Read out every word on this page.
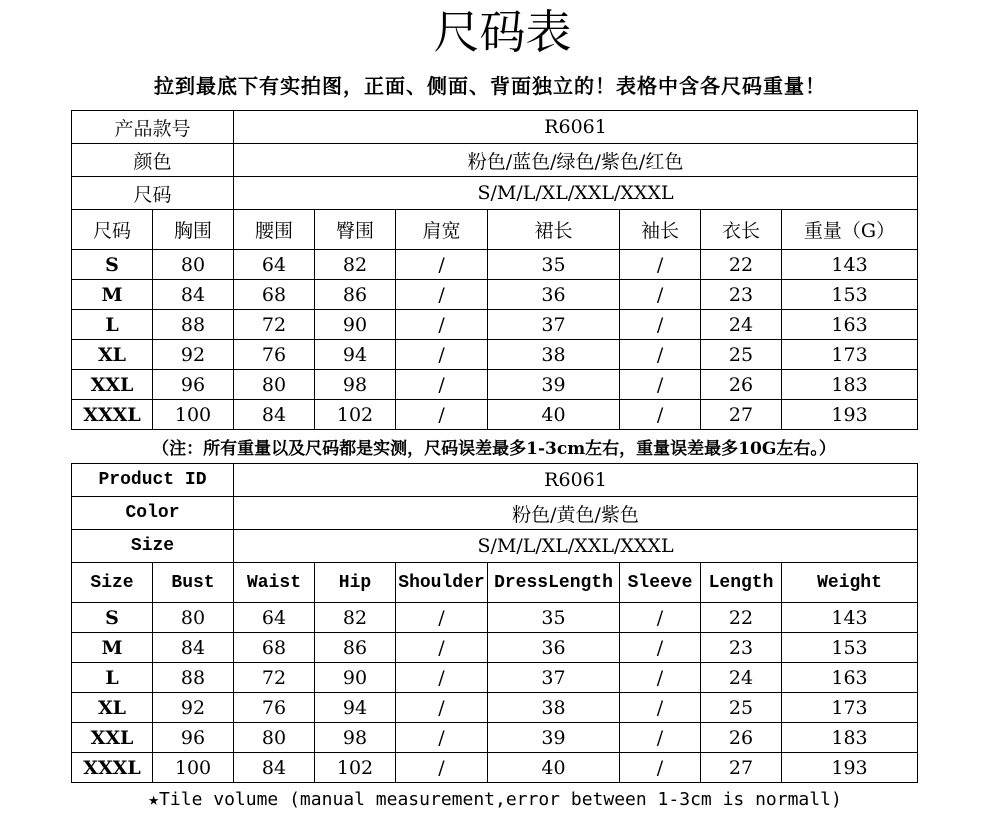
尺码表
拉到最底下有实拍图，正面、侧面、背面独立的！表格中含各尺码重量！
产品款号		R6061						
颜色		粉色/蓝色/绿色/紫色/红色						
尺码		S/M/L/XL/XXL/XXXL						
尺码	胸围	腰围	臀围	肩宽	裙长	袖长	衣长	重量（G）
S	80	64	82	/	35	/	22	143
M	84	68	86	/	36	/	23	153
L	88	72	90	/	37	/	24	163
XL	92	76	94	/	38	/	25	173
XXL	96	80	98	/	39	/	26	183
XXXL	100	84	102	/	40	/	27	193
（注：所有重量以及尺码都是实测，尺码误差最多1-3cm左右，重量误差最多10G左右。）
Product ID		R6061						
Color		粉色/黄色/紫色						
Size		S/M/L/XL/XXL/XXXL						
Size	Bust	Waist	Hip	Shoulder	DressLength	Sleeve	Length	Weight
S	80	64	82	/	35	/	22	143
M	84	68	86	/	36	/	23	153
L	88	72	90	/	37	/	24	163
XL	92	76	94	/	38	/	25	173
XXL	96	80	98	/	39	/	26	183
XXXL	100	84	102	/	40	/	27	193
★Tile volume (manual measurement,error between 1-3cm is normall)
